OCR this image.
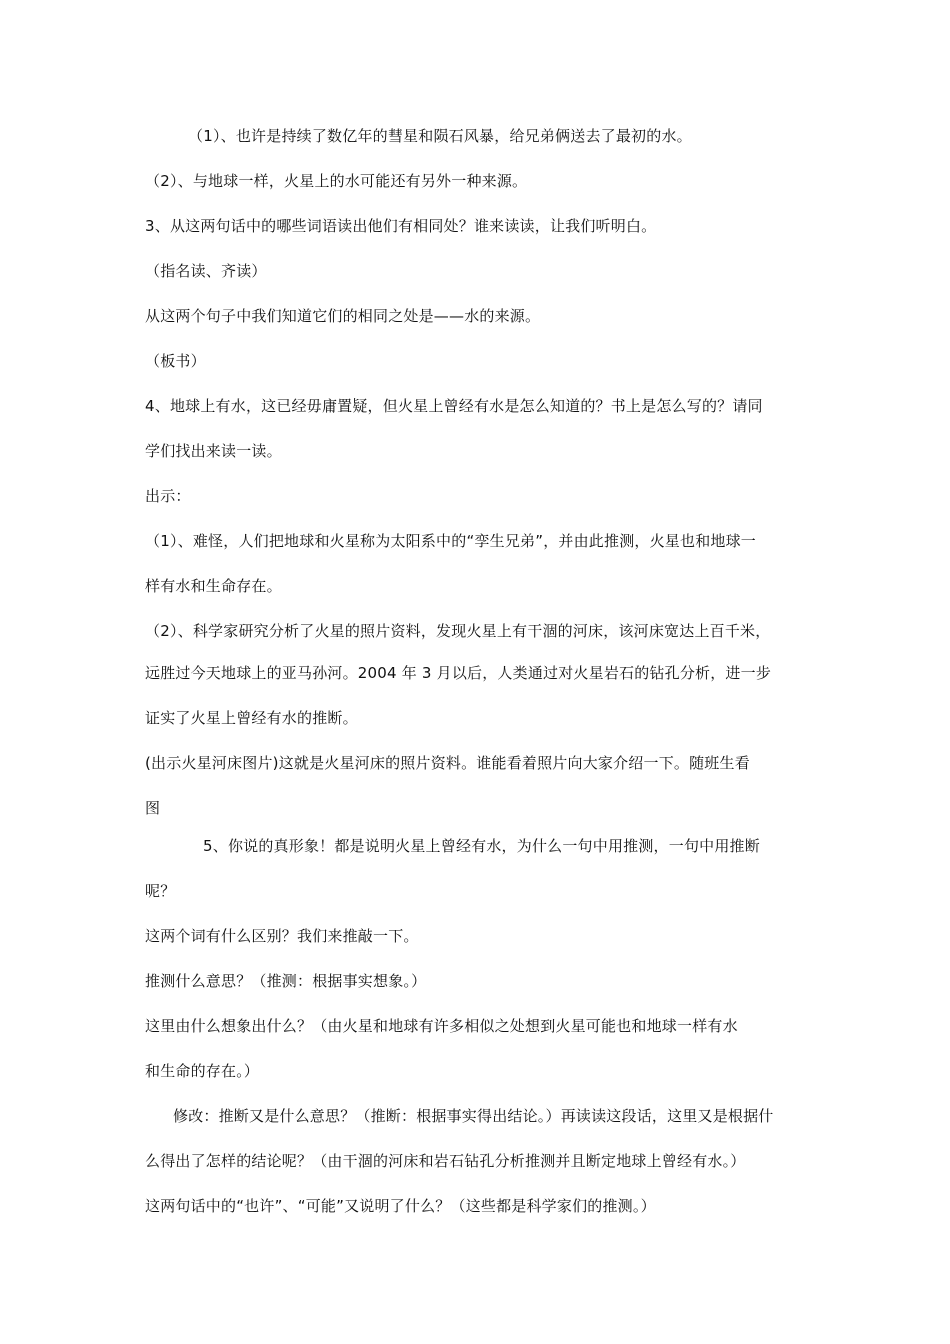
（1）、也许是持续了数亿年的彗星和陨石风暴，给兄弟俩送去了最初的水。
（2）、与地球一样，火星上的水可能还有另外一种来源。
3、从这两句话中的哪些词语读出他们有相同处？谁来读读，让我们听明白。
（指名读、齐读）
从这两个句子中我们知道它们的相同之处是——水的来源。
（板书）
4、地球上有水，这已经毋庸置疑，但火星上曾经有水是怎么知道的？书上是怎么写的？请同
学们找出来读一读。
出示：
（1）、难怪，人们把地球和火星称为太阳系中的“孪生兄弟”，并由此推测，火星也和地球一
样有水和生命存在。
（2）、科学家研究分析了火星的照片资料，发现火星上有干涸的河床，该河床宽达上百千米，
远胜过今天地球上的亚马孙河。2004 年 3 月以后，人类通过对火星岩石的钻孔分析，进一步
证实了火星上曾经有水的推断。
(出示火星河床图片)这就是火星河床的照片资料。谁能看着照片向大家介绍一下。随班生看
图
5、你说的真形象！都是说明火星上曾经有水，为什么一句中用推测，一句中用推断
呢？
这两个词有什么区别？我们来推敲一下。
推测什么意思？（推测：根据事实想象。）
这里由什么想象出什么？（由火星和地球有许多相似之处想到火星可能也和地球一样有水
和生命的存在。）
修改：推断又是什么意思？（推断：根据事实得出结论。）再读读这段话，这里又是根据什
么得出了怎样的结论呢？（由干涸的河床和岩石钻孔分析推测并且断定地球上曾经有水。）
这两句话中的“也许”、“可能”又说明了什么？（这些都是科学家们的推测。）
